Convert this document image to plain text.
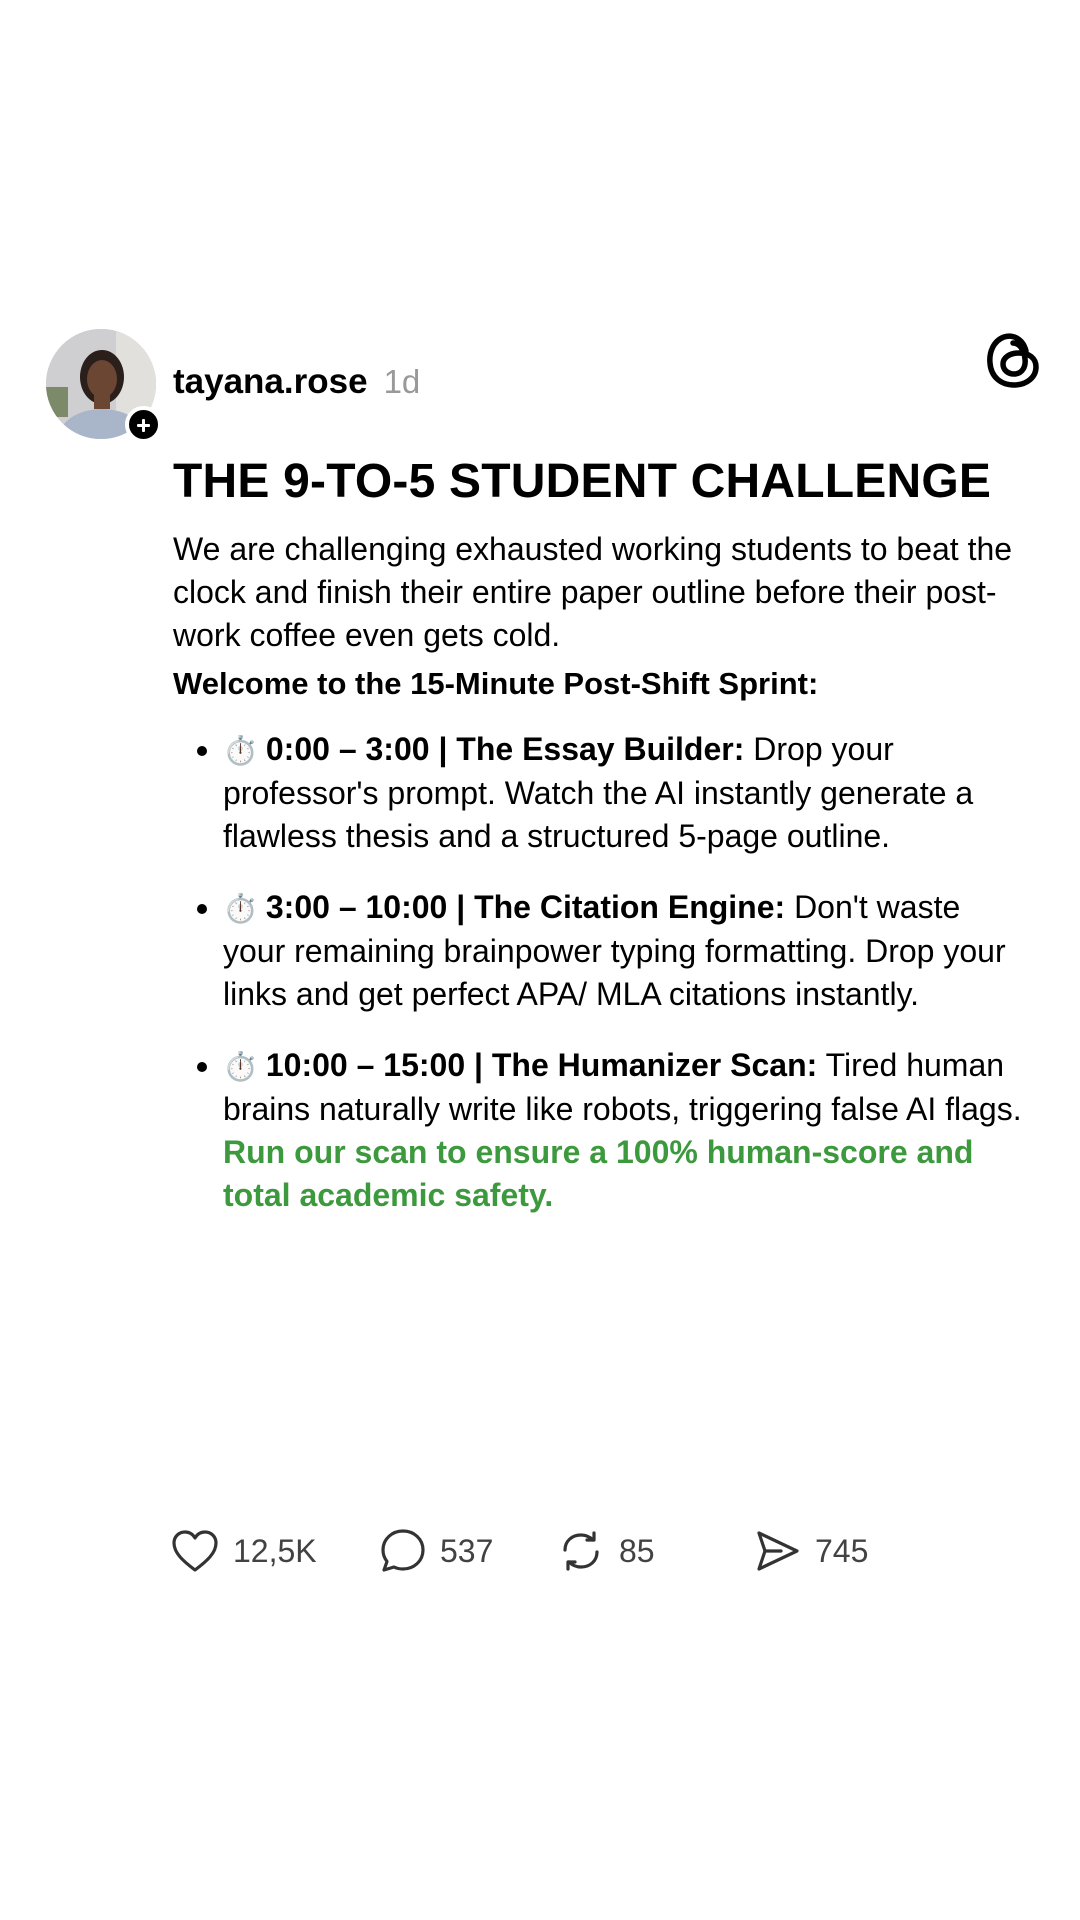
tayana.rose 1d
THE 9-TO-5 STUDENT CHALLENGE

We are challenging exhausted working students to beat the clock and finish their entire paper outline before their post-work coffee even gets cold.

Welcome to the 15-Minute Post-Shift Sprint:

• ⏱️ 0:00 – 3:00 | The Essay Builder: Drop your professor's prompt. Watch the AI instantly generate a flawless thesis and a structured 5-page outline.
• ⏱️ 3:00 – 10:00 | The Citation Engine: Don't waste your remaining brainpower typing formatting. Drop your links and get perfect APA/ MLA citations instantly.
• ⏱️ 10:00 – 15:00 | The Humanizer Scan: Tired human brains naturally write like robots, triggering false AI flags. Run our scan to ensure a 100% human-score and total academic safety.
12,5K	537	85	745
